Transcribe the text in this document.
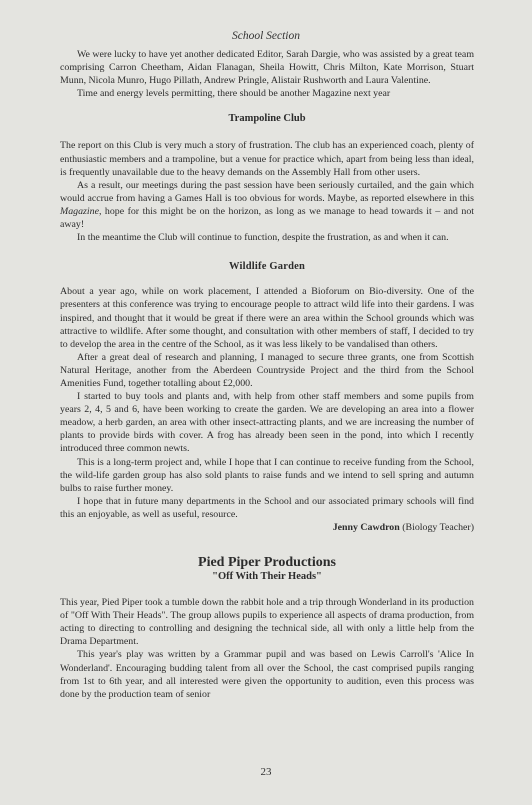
School Section

We were lucky to have yet another dedicated Editor, Sarah Dargie, who was assisted by a great team comprising Carron Cheetham, Aidan Flanagan, Sheila Howitt, Chris Milton, Kate Morrison, Stuart Munn, Nicola Munro, Hugo Pillath, Andrew Pringle, Alistair Rushworth and Laura Valentine.

Time and energy levels permitting, there should be another Magazine next year

Trampoline Club

The report on this Club is very much a story of frustration. The club has an experienced coach, plenty of enthusiastic members and a trampoline, but a venue for practice which, apart from being less than ideal, is frequently unavailable due to the heavy demands on the Assembly Hall from other users.

As a result, our meetings during the past session have been seriously curtailed, and the gain which would accrue from having a Games Hall is too obvious for words. Maybe, as reported elsewhere in this Magazine, hope for this might be on the horizon, as long as we manage to head towards it – and not away!

In the meantime the Club will continue to function, despite the frustration, as and when it can.

Wildlife Garden

About a year ago, while on work placement, I attended a Bioforum on Bio-diversity. One of the presenters at this conference was trying to encourage people to attract wild life into their gardens. I was inspired, and thought that it would be great if there were an area within the School grounds which was attractive to wildlife. After some thought, and consultation with other members of staff, I decided to try to develop the area in the centre of the School, as it was less likely to be vandalised than others.

After a great deal of research and planning, I managed to secure three grants, one from Scottish Natural Heritage, another from the Aberdeen Countryside Project and the third from the School Amenities Fund, together totalling about £2,000.

I started to buy tools and plants and, with help from other staff members and some pupils from years 2, 4, 5 and 6, have been working to create the garden. We are developing an area into a flower meadow, a herb garden, an area with other insect-attracting plants, and we are increasing the number of plants to provide birds with cover. A frog has already been seen in the pond, into which I recently introduced three common newts.

This is a long-term project and, while I hope that I can continue to receive funding from the School, the wild-life garden group has also sold plants to raise funds and we intend to sell spring and autumn bulbs to raise further money.

I hope that in future many departments in the School and our associated primary schools will find this an enjoyable, as well as useful, resource.

Jenny Cawdron (Biology Teacher)

Pied Piper Productions
"Off With Their Heads"

This year, Pied Piper took a tumble down the rabbit hole and a trip through Wonderland in its production of "Off With Their Heads". The group allows pupils to experience all aspects of drama production, from acting to directing to controlling and designing the technical side, all with only a little help from the Drama Department.

This year's play was written by a Grammar pupil and was based on Lewis Carroll's 'Alice In Wonderland'. Encouraging budding talent from all over the School, the cast comprised pupils ranging from 1st to 6th year, and all interested were given the opportunity to audition, even this process was done by the production team of senior

23
